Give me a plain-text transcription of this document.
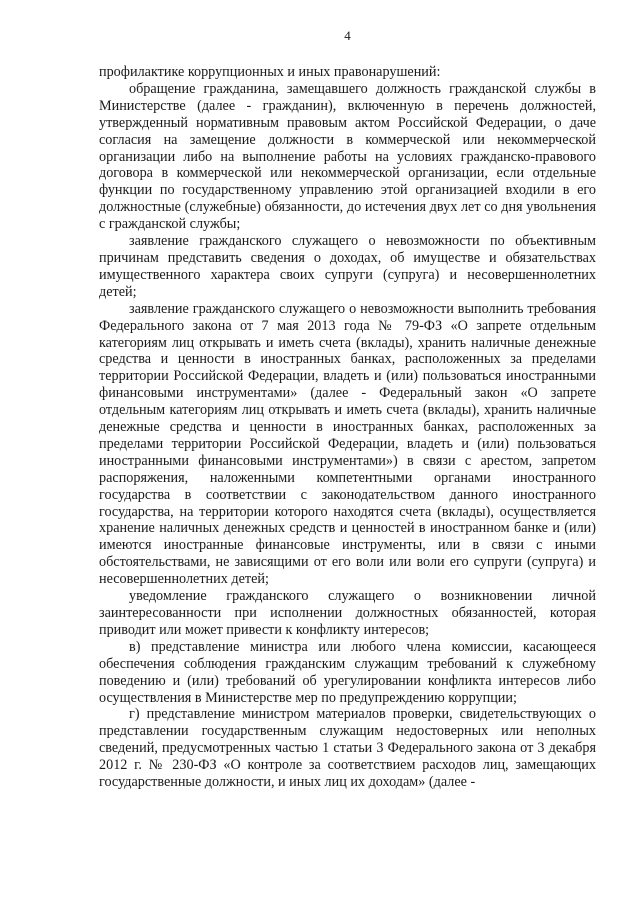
4

профилактике коррупционных и иных правонарушений:

обращение гражданина, замещавшего должность гражданской службы в Министерстве (далее - гражданин), включенную в перечень должностей, утвержденный нормативным правовым актом Российской Федерации, о даче согласия на замещение должности в коммерческой или некоммерческой организации либо на выполнение работы на условиях гражданско-правового договора в коммерческой или некоммерческой организации, если отдельные функции по государственному управлению этой организацией входили в его должностные (служебные) обязанности, до истечения двух лет со дня увольнения с гражданской службы;

заявление гражданского служащего о невозможности по объективным причинам представить сведения о доходах, об имуществе и обязательствах имущественного характера своих супруги (супруга) и несовершеннолетних детей;

заявление гражданского служащего о невозможности выполнить требования Федерального закона от 7 мая 2013 года № 79-ФЗ «О запрете отдельным категориям лиц открывать и иметь счета (вклады), хранить наличные денежные средства и ценности в иностранных банках, расположенных за пределами территории Российской Федерации, владеть и (или) пользоваться иностранными финансовыми инструментами» (далее - Федеральный закон «О запрете отдельным категориям лиц открывать и иметь счета (вклады), хранить наличные денежные средства и ценности в иностранных банках, расположенных за пределами территории Российской Федерации, владеть и (или) пользоваться иностранными финансовыми инструментами») в связи с арестом, запретом распоряжения, наложенными компетентными органами иностранного государства в соответствии с законодательством данного иностранного государства, на территории которого находятся счета (вклады), осуществляется хранение наличных денежных средств и ценностей в иностранном банке и (или) имеются иностранные финансовые инструменты, или в связи с иными обстоятельствами, не зависящими от его воли или воли его супруги (супруга) и несовершеннолетних детей;

уведомление гражданского служащего о возникновении личной заинтересованности при исполнении должностных обязанностей, которая приводит или может привести к конфликту интересов;

в) представление министра или любого члена комиссии, касающееся обеспечения соблюдения гражданским служащим требований к служебному поведению и (или) требований об урегулировании конфликта интересов либо осуществления в Министерстве мер по предупреждению коррупции;

г) представление министром материалов проверки, свидетельствующих о представлении государственным служащим недостоверных или неполных сведений, предусмотренных частью 1 статьи 3 Федерального закона от 3 декабря 2012 г. № 230-ФЗ «О контроле за соответствием расходов лиц, замещающих государственные должности, и иных лиц их доходам» (далее -
